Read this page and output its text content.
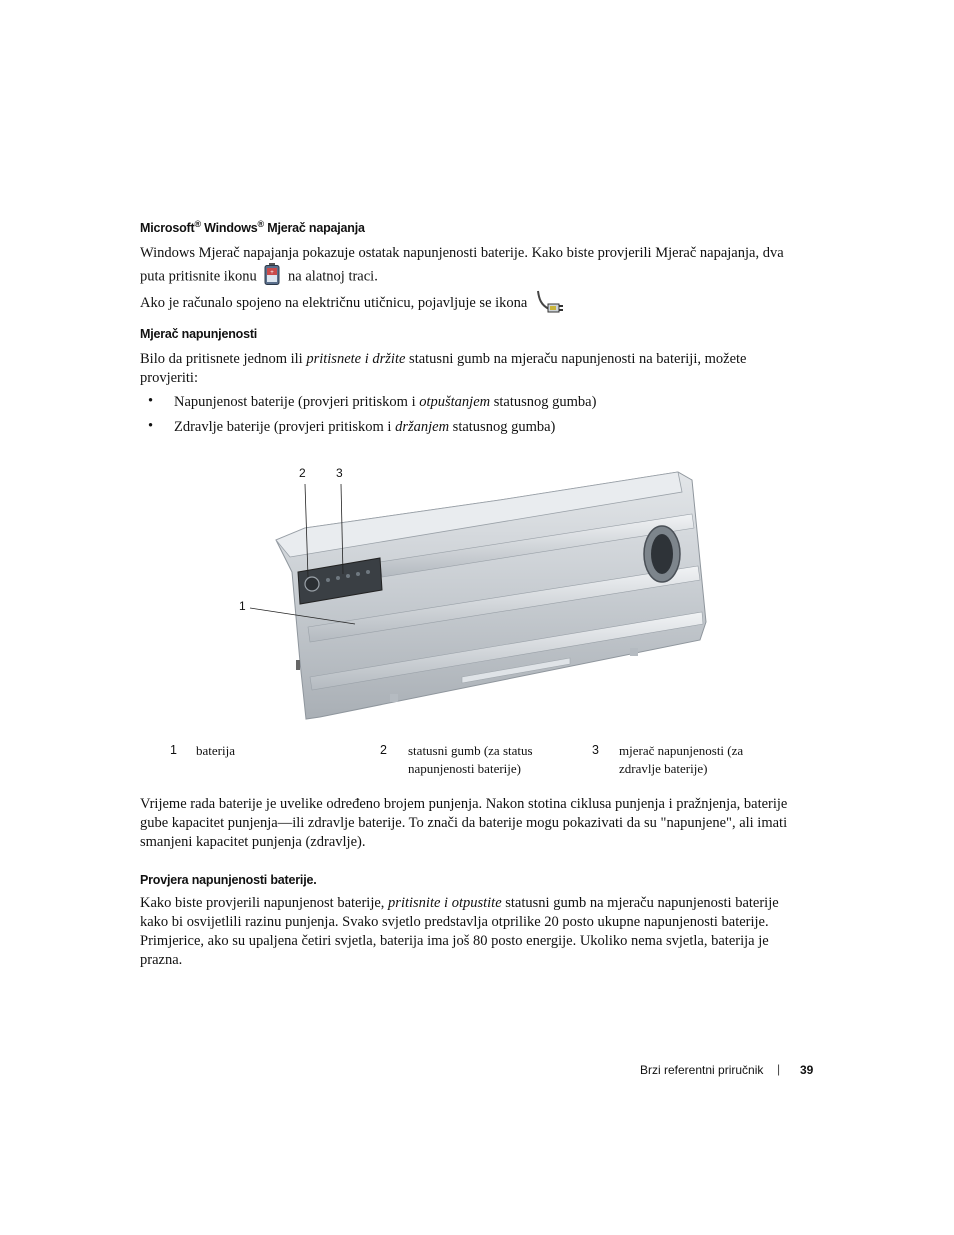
Microsoft® Windows® Mjerač napajanja
Windows Mjerač napajanja pokazuje ostatak napunjenosti baterije. Kako biste provjerili Mjerač napajanja, dva
puta pritisnite ikonu + na alatnoj traci.
Ako je računalo spojeno na električnu utičnicu, pojavljuje se ikona
Mjerač napunjenosti
Bilo da pritisnete jednom ili pritisnete i držite statusni gumb na mjeraču napunjenosti na bateriji, možete
provjeriti:
• Napunjenost baterije (provjeri pritiskom i otpuštanjem statusnog gumba)
• Zdravlje baterije (provjeri pritiskom i držanjem statusnog gumba)
2	3
1
1 baterija	2 statusni gumb (za status
napunjenosti baterije)
3 mjerač napunjenosti (za
zdravlje baterije)
Vrijeme rada baterije je uvelike određeno brojem punjenja. Nakon stotina ciklusa punjenja i pražnjenja, baterije
gube kapacitet punjenja—ili zdravlje baterije. To znači da baterije mogu pokazivati da su "napunjene", ali imati
smanjeni kapacitet punjenja (zdravlje).
Provjera napunjenosti baterije.
Kako biste provjerili napunjenost baterije, pritisnite i otpustite statusni gumb na mjeraču napunjenosti baterije
kako bi osvijetlili razinu punjenja. Svako svjetlo predstavlja otprilike 20 posto ukupne napunjenosti baterije.
Primjerice, ako su upaljena četiri svjetla, baterija ima još 80 posto energije. Ukoliko nema svjetla, baterija je
prazna.
Brzi referentni priručnik | 39
